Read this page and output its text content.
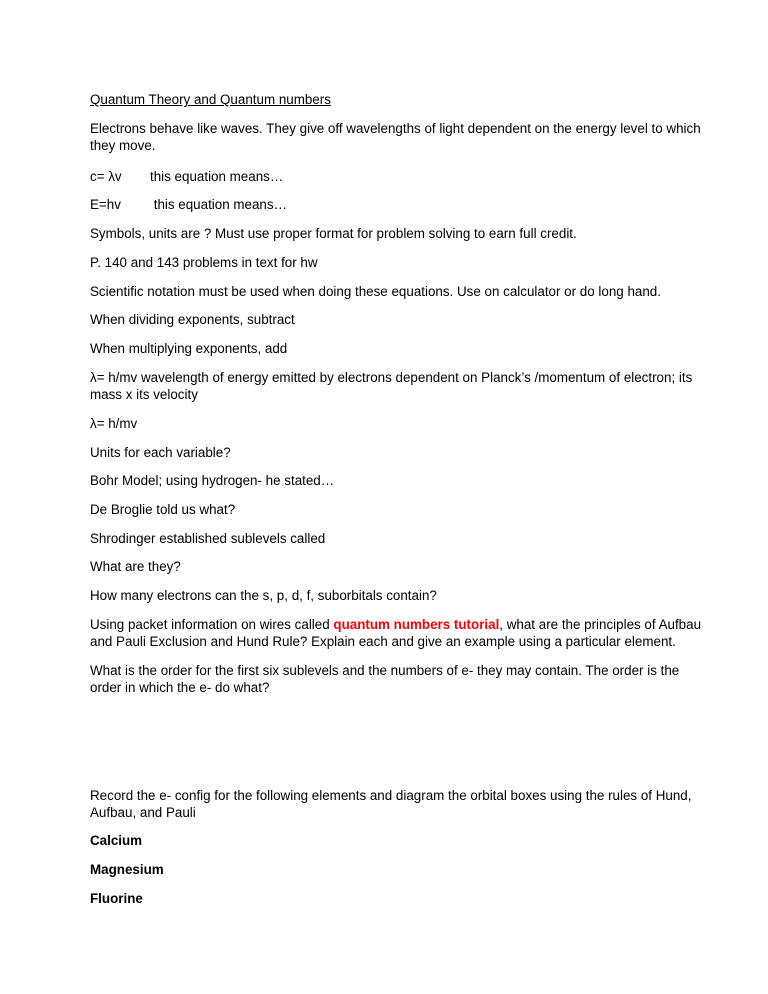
Quantum Theory and Quantum numbers
Electrons behave like waves. They give off wavelengths of light dependent on the energy level to which
they move.
c= λv this equation means…
E=hv this equation means…
Symbols, units are ? Must use proper format for problem solving to earn full credit.
P. 140 and 143 problems in text for hw
Scientific notation must be used when doing these equations. Use on calculator or do long hand.
When dividing exponents, subtract
When multiplying exponents, add
λ= h/mv wavelength of energy emitted by electrons dependent on Planck’s /momentum of electron; its
mass x its velocity
λ= h/mv
Units for each variable?
Bohr Model; using hydrogen- he stated…
De Broglie told us what?
Shrodinger established sublevels called
What are they?
How many electrons can the s, p, d, f, suborbitals contain?
Using packet information on wires called quantum numbers tutorial, what are the principles of Aufbau
and Pauli Exclusion and Hund Rule? Explain each and give an example using a particular element.
What is the order for the first six sublevels and the numbers of e- they may contain. The order is the
order in which the e- do what?
Record the e- config for the following elements and diagram the orbital boxes using the rules of Hund,
Aufbau, and Pauli
Calcium
Magnesium
Fluorine
